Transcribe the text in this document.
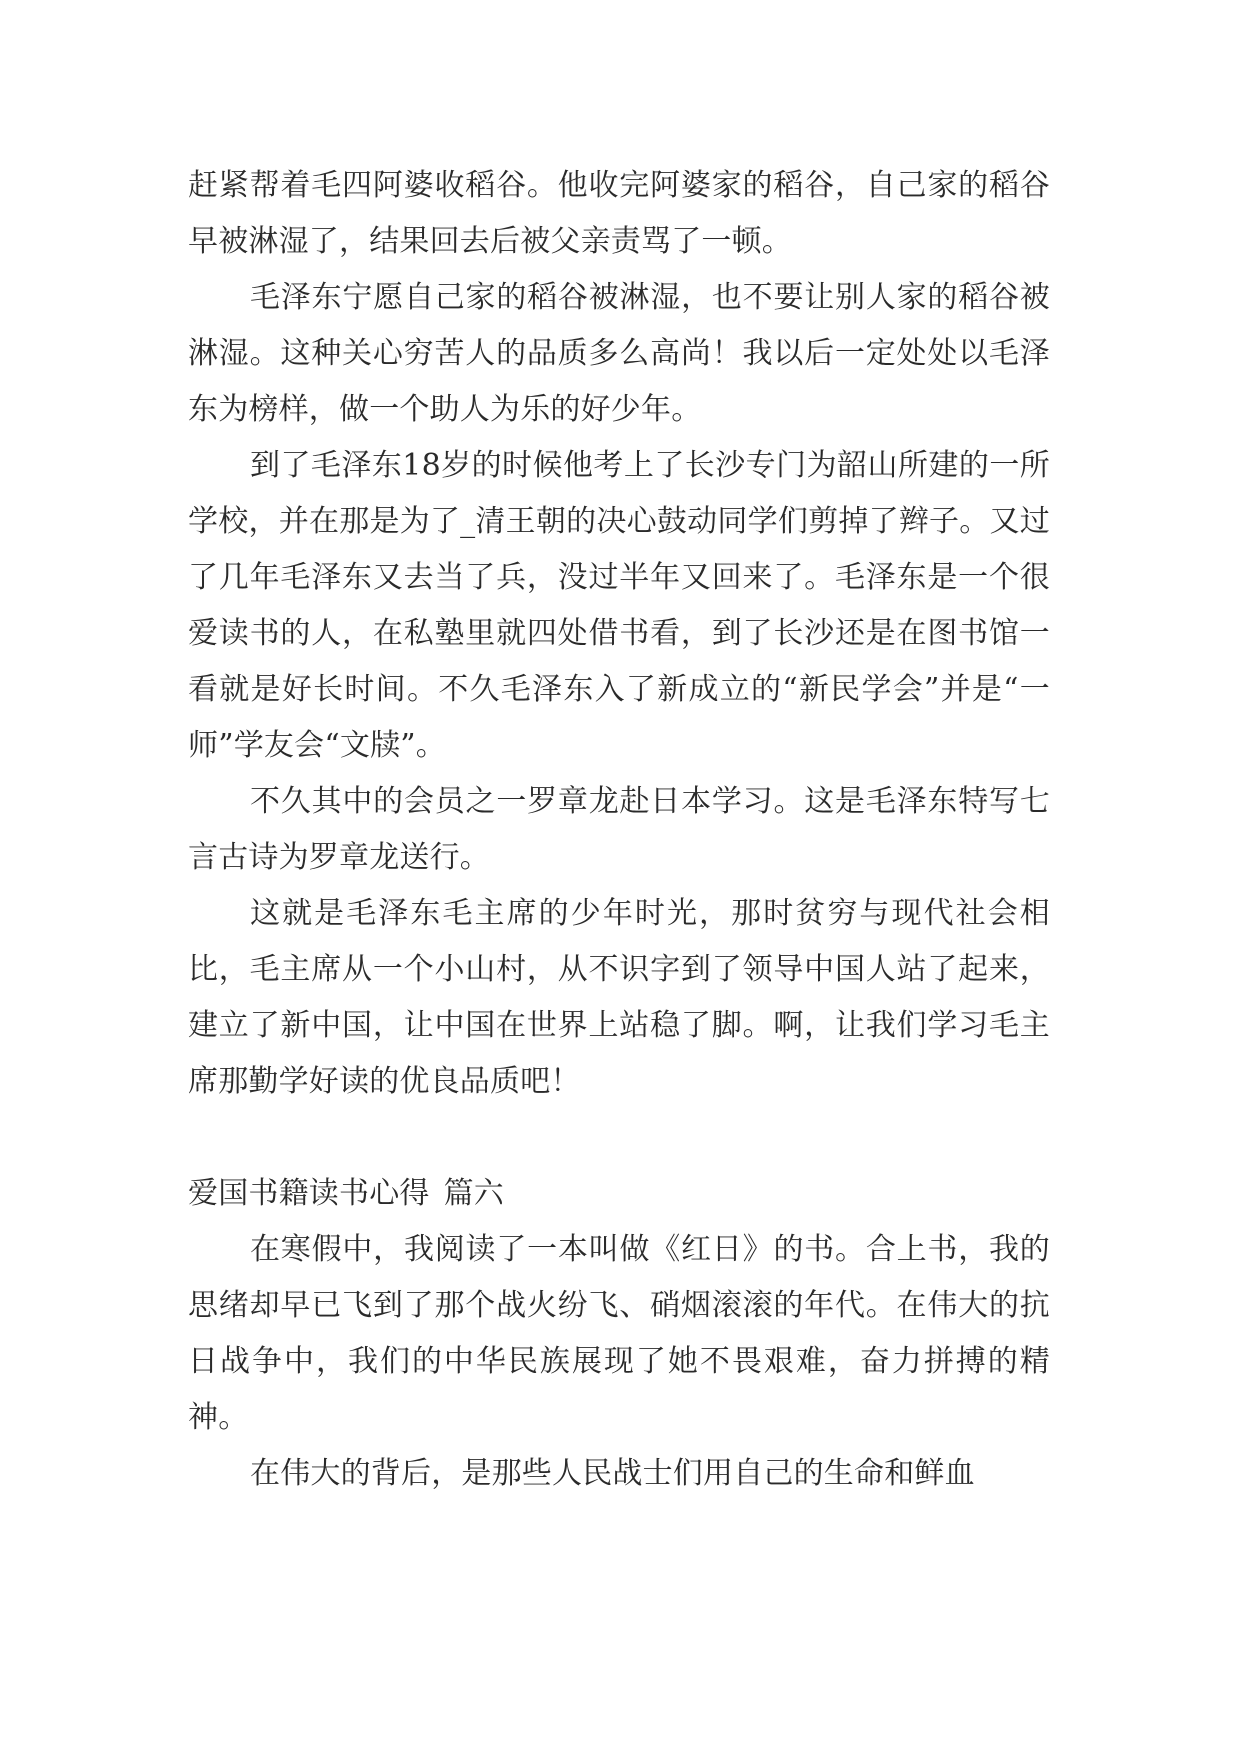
赶紧帮着毛四阿婆收稻谷。他收完阿婆家的稻谷，自己家的稻谷早被淋湿了，结果回去后被父亲责骂了一顿。

毛泽东宁愿自己家的稻谷被淋湿，也不要让别人家的稻谷被淋湿。这种关心穷苦人的品质多么高尚！我以后一定处处以毛泽东为榜样，做一个助人为乐的好少年。

到了毛泽东18岁的时候他考上了长沙专门为韶山所建的一所学校，并在那是为了_清王朝的决心鼓动同学们剪掉了辫子。又过了几年毛泽东又去当了兵，没过半年又回来了。毛泽东是一个很爱读书的人，在私塾里就四处借书看，到了长沙还是在图书馆一看就是好长时间。不久毛泽东入了新成立的“新民学会”并是“一师”学友会“文牍”。

不久其中的会员之一罗章龙赴日本学习。这是毛泽东特写七言古诗为罗章龙送行。

这就是毛泽东毛主席的少年时光，那时贫穷与现代社会相比，毛主席从一个小山村，从不识字到了领导中国人站了起来，建立了新中国，让中国在世界上站稳了脚。啊，让我们学习毛主席那勤学好读的优良品质吧！

爱国书籍读书心得 篇六

在寒假中，我阅读了一本叫做《红日》的书。合上书，我的思绪却早已飞到了那个战火纷飞、硝烟滚滚的年代。在伟大的抗日战争中，我们的中华民族展现了她不畏艰难，奋力拼搏的精神。

在伟大的背后，是那些人民战士们用自己的生命和鲜血
